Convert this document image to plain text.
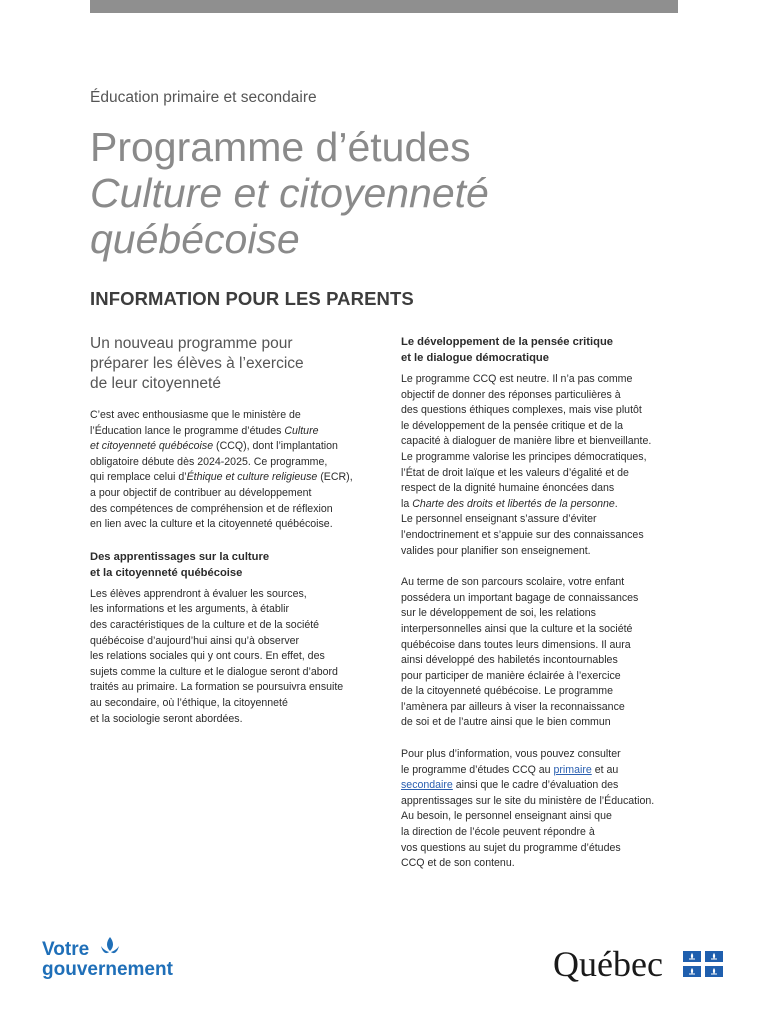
Éducation primaire et secondaire
Programme d’études
Culture et citoyenneté
québécoise
INFORMATION POUR LES PARENTS
Un nouveau programme pour
préparer les élèves à l’exercice
de leur citoyenneté
C’est avec enthousiasme que le ministère de
l’Éducation lance le programme d’études Culture
et citoyenneté québécoise (CCQ), dont l’implantation
obligatoire débute dès 2024-2025. Ce programme,
qui remplace celui d’Éthique et culture religieuse (ECR),
a pour objectif de contribuer au développement
des compétences de compréhension et de réflexion
en lien avec la culture et la citoyenneté québécoise.
Des apprentissages sur la culture
et la citoyenneté québécoise
Les élèves apprendront à évaluer les sources,
les informations et les arguments, à établir
des caractéristiques de la culture et de la société
québécoise d’aujourd’hui ainsi qu’à observer
les relations sociales qui y ont cours. En effet, des
sujets comme la culture et le dialogue seront d’abord
traités au primaire. La formation se poursuivra ensuite
au secondaire, où l’éthique, la citoyenneté
et la sociologie seront abordées.
Le développement de la pensée critique
et le dialogue démocratique
Le programme CCQ est neutre. Il n’a pas comme
objectif de donner des réponses particulières à
des questions éthiques complexes, mais vise plutôt
le développement de la pensée critique et de la
capacité à dialoguer de manière libre et bienveillante.
Le programme valorise les principes démocratiques,
l’État de droit laïque et les valeurs d’égalité et de
respect de la dignité humaine énoncées dans
la Charte des droits et libertés de la personne.
Le personnel enseignant s’assure d’éviter
l’endoctrinement et s’appuie sur des connaissances
valides pour planifier son enseignement.
Au terme de son parcours scolaire, votre enfant
possédera un important bagage de connaissances
sur le développement de soi, les relations
interpersonnelles ainsi que la culture et la société
québécoise dans toutes leurs dimensions. Il aura
ainsi développé des habiletés incontournables
pour participer de manière éclairée à l’exercice
de la citoyenneté québécoise. Le programme
l’amènera par ailleurs à viser la reconnaissance
de soi et de l’autre ainsi que le bien commun
Pour plus d’information, vous pouvez consulter
le programme d’études CCQ au primaire et au
secondaire ainsi que le cadre d’évaluation des
apprentissages sur le site du ministère de l’Éducation.
Au besoin, le personnel enseignant ainsi que
la direction de l’école peuvent répondre à
vos questions au sujet du programme d’études
CCQ et de son contenu.
Votre
gouvernement	Québec
